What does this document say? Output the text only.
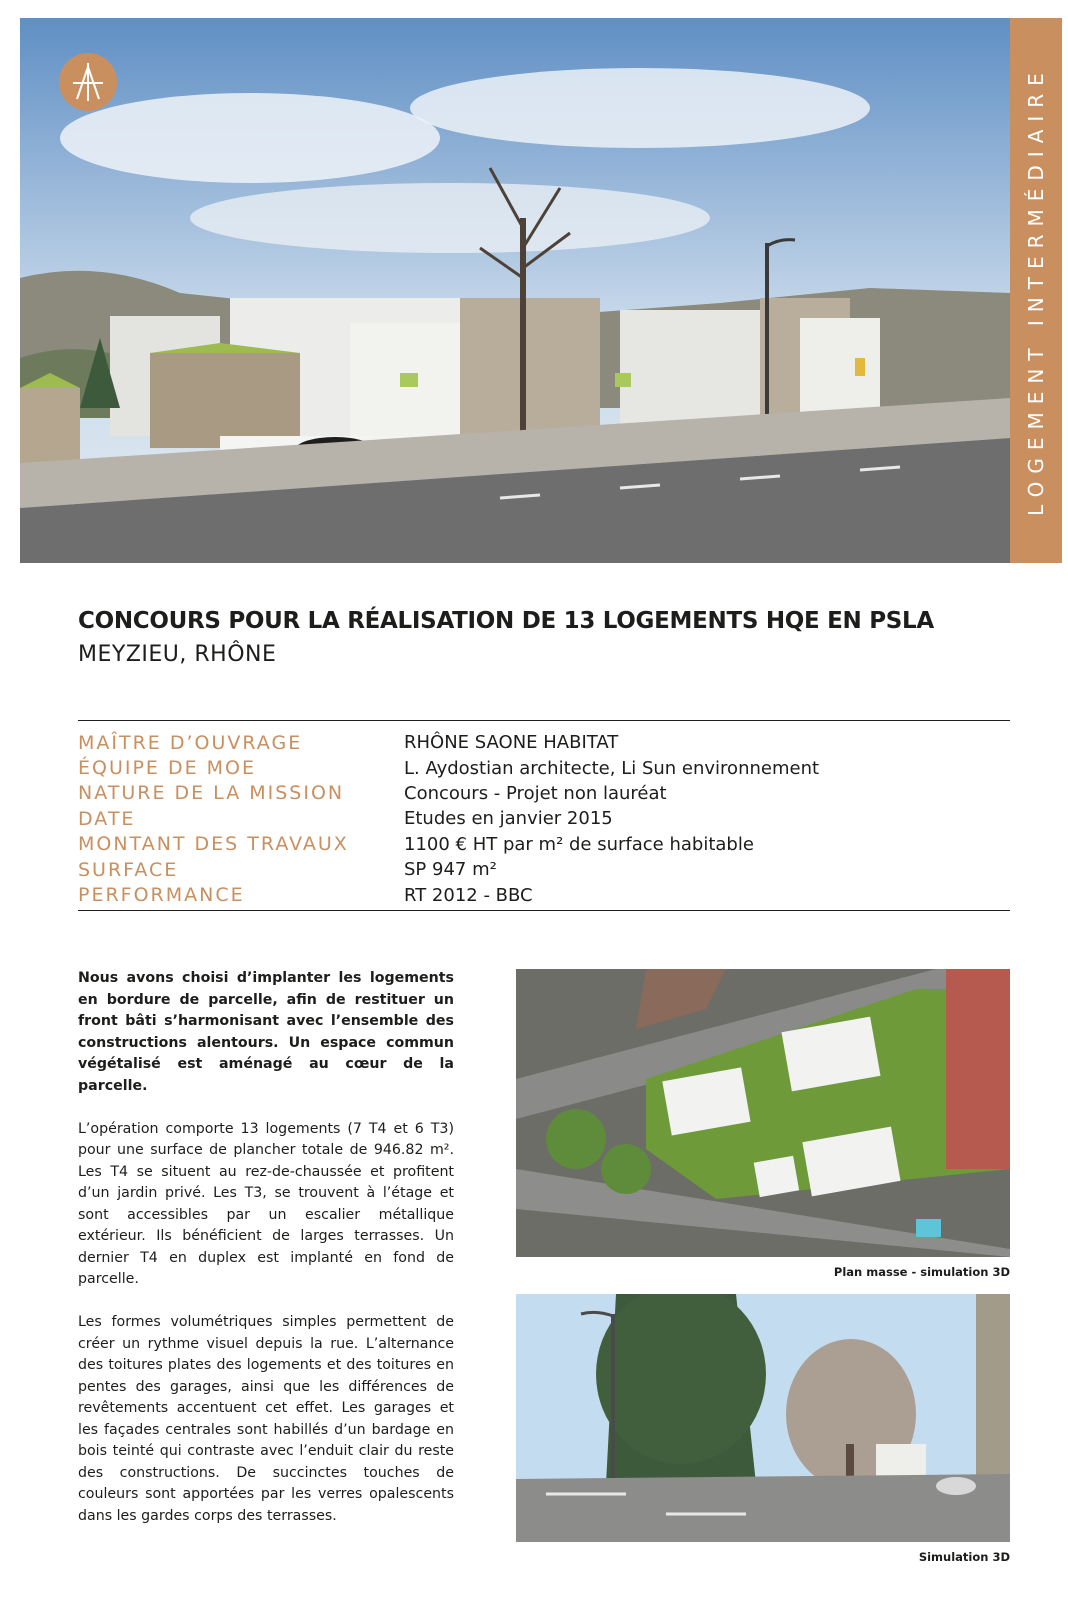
LOGEMENT INTERMÉDIAIRE
CONCOURS POUR LA RÉALISATION DE 13 LOGEMENTS HQE EN PSLA
MEYZIEU, RHÔNE
MAÎTRE D’OUVRAGE	RHÔNE SAONE HABITAT
ÉQUIPE DE MOE	L. Aydostian architecte, Li Sun environnement
NATURE DE LA MISSION	Concours - Projet non lauréat
DATE	Etudes en janvier 2015
MONTANT DES TRAVAUX	1100 € HT par m² de surface habitable
SURFACE	SP 947 m²
PERFORMANCE	RT 2012 - BBC

Nous avons choisi d’implanter les logements en bordure de parcelle, afin de restituer un front bâti s’harmonisant avec l’ensemble des constructions alentours. Un espace commun végétalisé est aménagé au cœur de la parcelle.

L’opération comporte 13 logements (7 T4 et 6 T3) pour une surface de plancher totale de 946.82 m². Les T4 se situent au rez-de-chaussée et profitent d’un jardin privé. Les T3, se trouvent à l’étage et sont accessibles par un escalier métallique extérieur. Ils bénéficient de larges terrasses. Un dernier T4 en duplex est implanté en fond de parcelle.

Les formes volumétriques simples permettent de créer un rythme visuel depuis la rue. L’alternance des toitures plates des logements et des toitures en pentes des garages, ainsi que les différences de revêtements accentuent cet effet. Les garages et les façades centrales sont habillés d’un bardage en bois teinté qui contraste avec l’enduit clair du reste des constructions. De succinctes touches de couleurs sont apportées par les verres opalescents dans les gardes corps des terrasses.

Plan masse - simulation 3D
Simulation 3D
